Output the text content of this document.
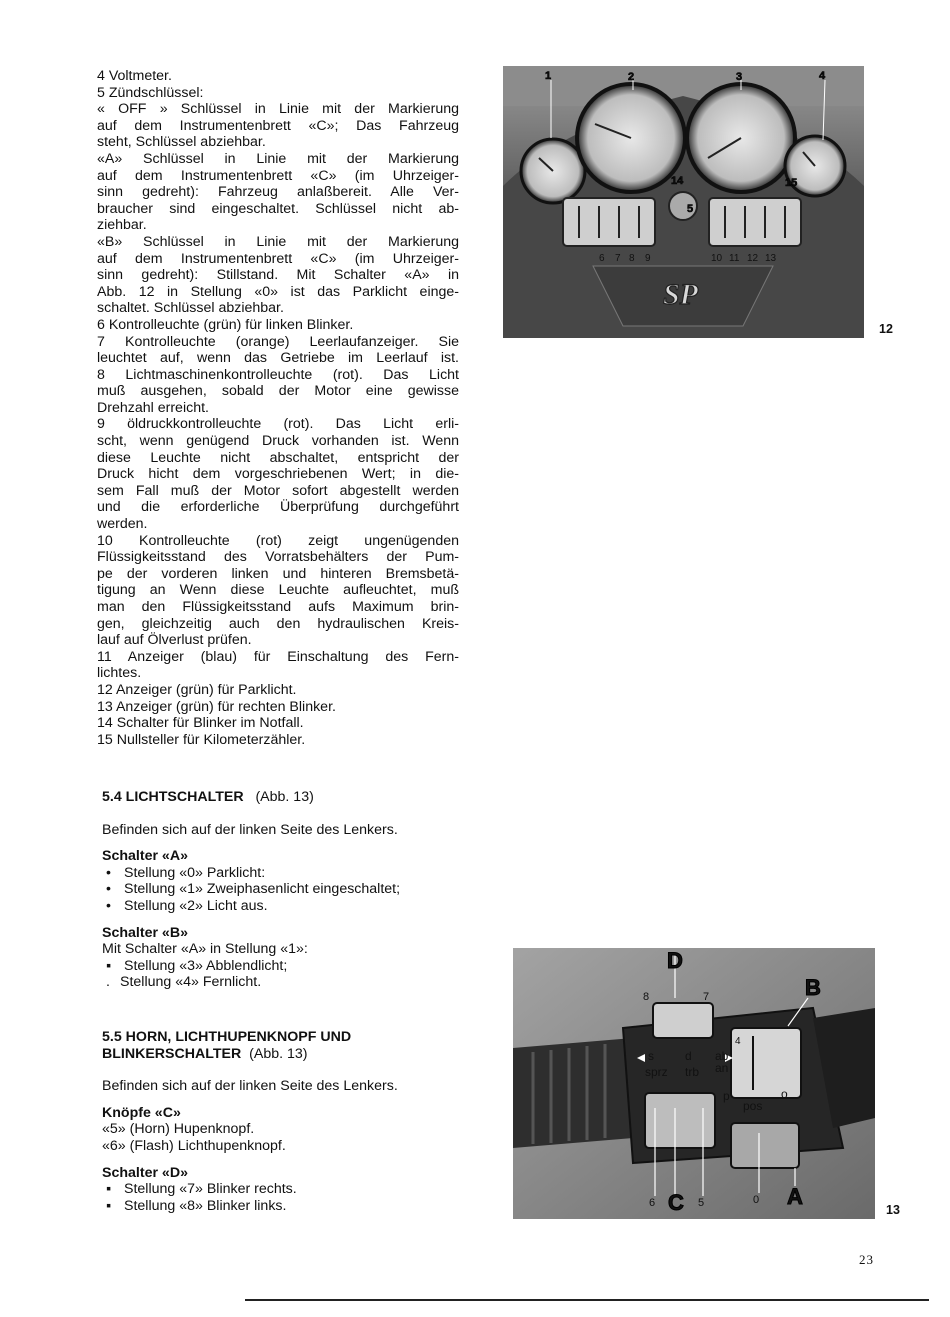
4 Voltmeter.
5 Zündschlüssel:
« OFF » Schlüssel in Linie mit der Markierung
auf dem Instrumentenbrett «C»; Das Fahrzeug
steht, Schlüssel abziehbar.
«A» Schlüssel in Linie mit der Markierung
auf dem Instrumentenbrett «C» (im Uhrzeiger-
sinn gedreht): Fahrzeug anlaßbereit. Alle Ver-
braucher sind eingeschaltet. Schlüssel nicht ab-
ziehbar.
«B» Schlüssel in Linie mit der Markierung
auf dem Instrumentenbrett «C» (im Uhrzeiger-
sinn gedreht): Stillstand. Mit Schalter «A» in
Abb. 12 in Stellung «0» ist das Parklicht einge-
schaltet. Schlüssel abziehbar.
6 Kontrolleuchte (grün) für linken Blinker.
7 Kontrolleuchte (orange) Leerlaufanzeiger. Sie
leuchtet auf, wenn das Getriebe im Leerlauf ist.
8 Lichtmaschinenkontrolleuchte (rot). Das Licht
muß ausgehen, sobald der Motor eine gewisse
Drehzahl erreicht.
9 öldruckkontrolleuchte (rot). Das Licht erli-
scht, wenn genügend Druck vorhanden ist. Wenn
diese Leuchte nicht abschaltet, entspricht der
Druck hicht dem vorgeschriebenen Wert; in die-
sem Fall muß der Motor sofort abgestellt werden
und die erforderliche Überprüfung durchgeführt
werden.
10 Kontrolleuchte (rot) zeigt ungenügenden
Flüssigkeitsstand des Vorratsbehälters der Pum-
pe der vorderen linken und hinteren Bremsbetä-
tigung an Wenn diese Leuchte aufleuchtet, muß
man den Flüssigkeitsstand aufs Maximum brin-
gen, gleichzeitig auch den hydraulischen Kreis-
lauf auf Ölverlust prüfen.
11 Anzeiger (blau) für Einschaltung des Fern-
lichtes.
12 Anzeiger (grün) für Parklicht.
13 Anzeiger (grün) für rechten Blinker.
14 Schalter für Blinker im Notfall.
15 Nullsteller für Kilometerzähler.
5.4 LICHTSCHALTER (Abb. 13)
Befinden sich auf der linken Seite des Lenkers.
Schalter «A»
• Stellung «0» Parklicht:
• Stellung «1» Zweiphasenlicht eingeschaltet;
• Stellung «2» Licht aus.
Schalter «B»
Mit Schalter «A» in Stellung «1»:
▪ Stellung «3» Abblendlicht;
. Stellung «4» Fernlicht.
5.5 HORN, LICHTHUPENKNOPF UND
BLINKERSCHALTER (Abb. 13)
Befinden sich auf der linken Seite des Lenkers.
Knöpfe «C»
«5» (Horn) Hupenknopf.
«6» (Flash) Lichthupenknopf.
Schalter «D»
▪ Stellung «7» Blinker rechts.
▪ Stellung «8» Blinker links.
1	2	3	4
5
14	15
6 7 8 9	10 11 12 13
SP
12
D
B
A
C
8	7
6	5	0
s	d
sprz trb
ab
an
p
pos
o
4
13
23
